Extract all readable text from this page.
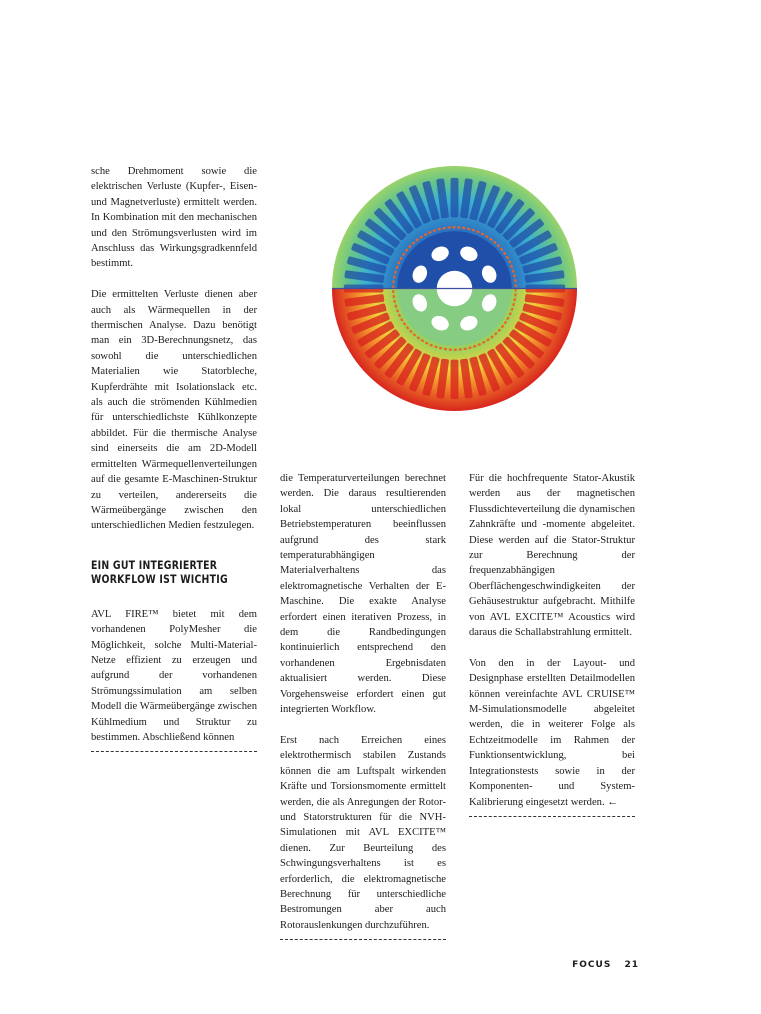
sche Drehmoment sowie die elektrischen Verluste (Kupfer-, Eisen- und Magnetverluste) ermittelt werden. In Kombination mit den mechanischen und den Strömungsverlusten wird im Anschluss das Wirkungsgradkennfeld bestimmt.

Die ermittelten Verluste dienen aber auch als Wärmequellen in der thermischen Analyse. Dazu benötigt man ein 3D-Berechnungsnetz, das sowohl die unterschiedlichen Materialien wie Statorbleche, Kupferdrähte mit Isolationslack etc. als auch die strömenden Kühlmedien für unterschiedlichste Kühlkonzepte abbildet. Für die thermische Analyse sind einerseits die am 2D-Modell ermittelten Wärmequellenverteilungen auf die gesamte E-Maschinen-Struktur zu verteilen, andererseits die Wärmeübergänge zwischen den unterschiedlichen Medien festzulegen.

EIN GUT INTEGRIERTER WORKFLOW IST WICHTIG

AVL FIRE™ bietet mit dem vorhandenen PolyMesher die Möglichkeit, solche Multi-Material-Netze effizient zu erzeugen und aufgrund der vorhandenen Strömungssimulation am selben Modell die Wärmeübergänge zwischen Kühlmedium und Struktur zu bestimmen. Abschließend können

die Temperaturverteilungen berechnet werden. Die daraus resultierenden lokal unterschiedlichen Betriebstemperaturen beeinflussen aufgrund des stark temperaturabhängigen Materialverhaltens das elektromagnetische Verhalten der E-Maschine. Die exakte Analyse erfordert einen iterativen Prozess, in dem die Randbedingungen kontinuierlich entsprechend den vorhandenen Ergebnisdaten aktualisiert werden. Diese Vorgehensweise erfordert einen gut integrierten Workflow.

Erst nach Erreichen eines elektrothermisch stabilen Zustands können die am Luftspalt wirkenden Kräfte und Torsionsmomente ermittelt werden, die als Anregungen der Rotor- und Statorstrukturen für die NVH-Simulationen mit AVL EXCITE™ dienen. Zur Beurteilung des Schwingungsverhaltens ist es erforderlich, die elektromagnetische Berechnung für unterschiedliche Bestromungen aber auch Rotorauslenkungen durchzuführen.

Für die hochfrequente Stator-Akustik werden aus der magnetischen Flussdichteverteilung die dynamischen Zahnkräfte und -momente abgeleitet. Diese werden auf die Stator-Struktur zur Berechnung der frequenzabhängigen Oberflächengeschwindigkeiten der Gehäusestruktur aufgebracht. Mithilfe von AVL EXCITE™ Acoustics wird daraus die Schallabstrahlung ermittelt.

Von den in der Layout- und Designphase erstellten Detailmodellen können vereinfachte AVL CRUISE™ M-Simulationsmodelle abgeleitet werden, die in weiterer Folge als Echtzeitmodelle im Rahmen der Funktionsentwicklung, bei Integrationstests sowie in der Komponenten- und System-Kalibrierung eingesetzt werden. ←

FOCUS 21
